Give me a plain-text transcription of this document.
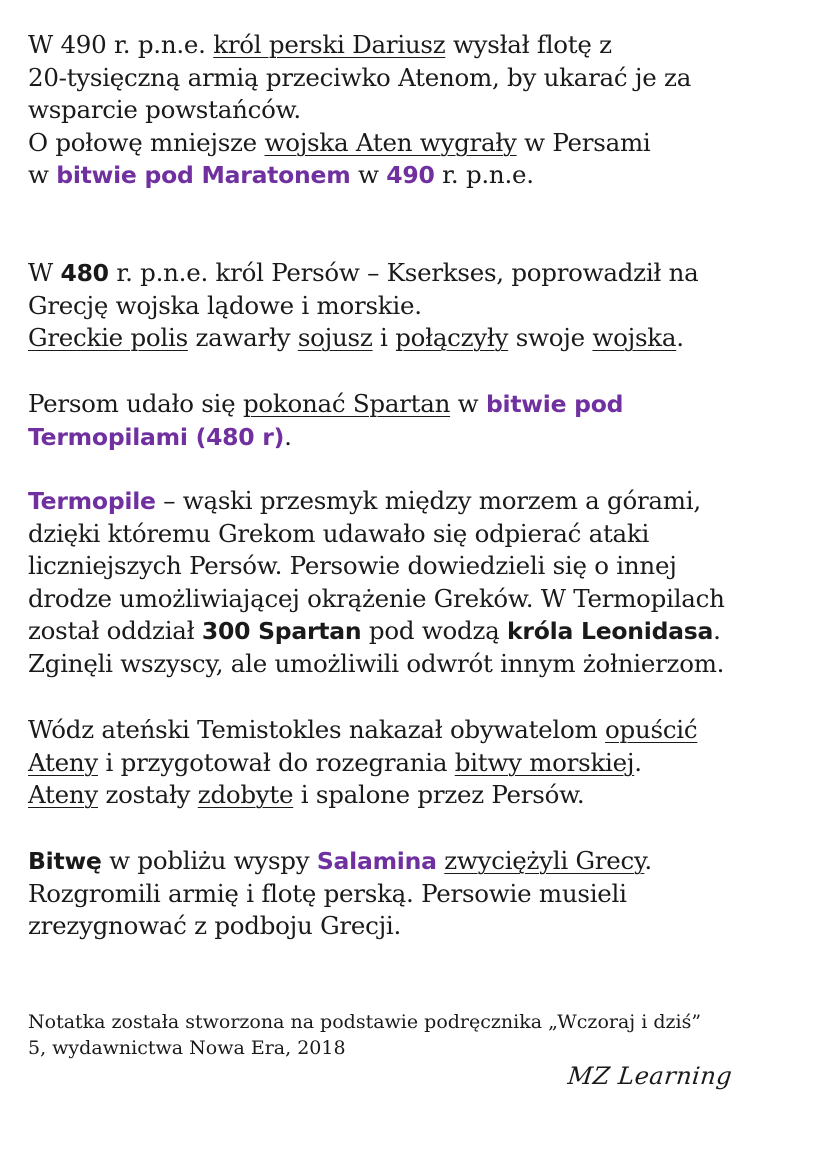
W 490 r. p.n.e. król perski Dariusz wysłał flotę z
20-tysięczną armią przeciwko Atenom, by ukarać je za
wsparcie powstańców.
O połowę mniejsze wojska Aten wygrały w Persami
w bitwie pod Maratonem w 490 r. p.n.e.

W 480 r. p.n.e. król Persów – Kserkses, poprowadził na
Grecję wojska lądowe i morskie.
Greckie polis zawarły sojusz i połączyły swoje wojska.

Persom udało się pokonać Spartan w bitwie pod
Termopilami (480 r).

Termopile – wąski przesmyk między morzem a górami,
dzięki któremu Grekom udawało się odpierać ataki
liczniejszych Persów. Persowie dowiedzieli się o innej
drodze umożliwiającej okrążenie Greków. W Termopilach
został oddział 300 Spartan pod wodzą króla Leonidasa.
Zginęli wszyscy, ale umożliwili odwrót innym żołnierzom.

Wódz ateński Temistokles nakazał obywatelom opuścić
Ateny i przygotował do rozegrania bitwy morskiej.
Ateny zostały zdobyte i spalone przez Persów.

Bitwę w pobliżu wyspy Salamina zwyciężyli Grecy.
Rozgromili armię i flotę perską. Persowie musieli
zrezygnować z podboju Grecji.

Notatka została stworzona na podstawie podręcznika „Wczoraj i dziś”
5, wydawnictwa Nowa Era, 2018

MZ Learning
